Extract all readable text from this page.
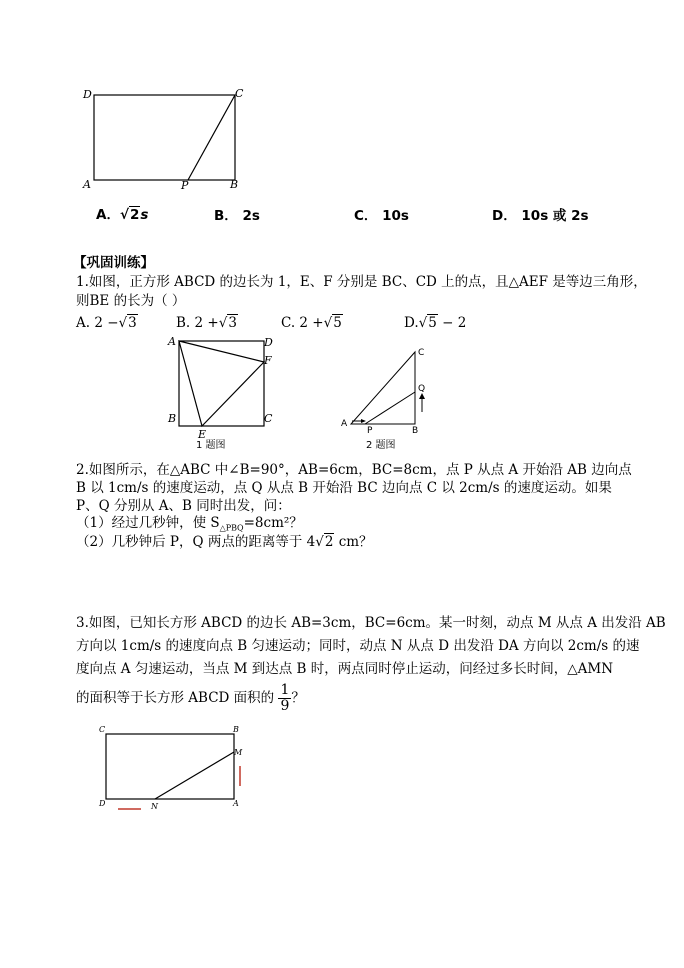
D	C
A	P	B
A．√2s	B． 2s	C． 10s	D． 10s 或 2s
【巩固训练】
1.如图，正方形 ABCD 的边长为 1，E、F 分别是 BC、CD 上的点，且△AEF 是等边三角形，
则BE 的长为（ ）
A. 2 −√3	B. 2 +√3	C. 2 +√5	D.√5 − 2
A	D
F
B
E
C
1 题图
C
Q
A
P	B
2 题图
2.如图所示，在△ABC 中∠B=90°，AB=6cm，BC=8cm，点 P 从点 A 开始沿 AB 边向点
B 以 1cm/s 的速度运动，点 Q 从点 B 开始沿 BC 边向点 C 以 2cm/s 的速度运动。如果
P、Q 分别从 A、B 同时出发，问：
（1）经过几秒钟，使 $S_{\triangle PBQ}=8cm^2$？
（2）几秒钟后 P，Q 两点的距离等于 4√2 cm？
3.如图，已知长方形 ABCD 的边长 AB=3cm，BC=6cm。某一时刻，动点 M 从点 A 出发沿 AB
方向以 1cm/s 的速度向点 B 匀速运动；同时，动点 N 从点 D 出发沿 DA 方向以 2cm/s 的速
度向点 A 匀速运动，当点 M 到达点 B 时，两点同时停止运动，问经过多长时间，△AMN
的面积等于长方形 ABCD 面积的 $\frac{1}{9}$ ？
C	B
M
D	N	A
